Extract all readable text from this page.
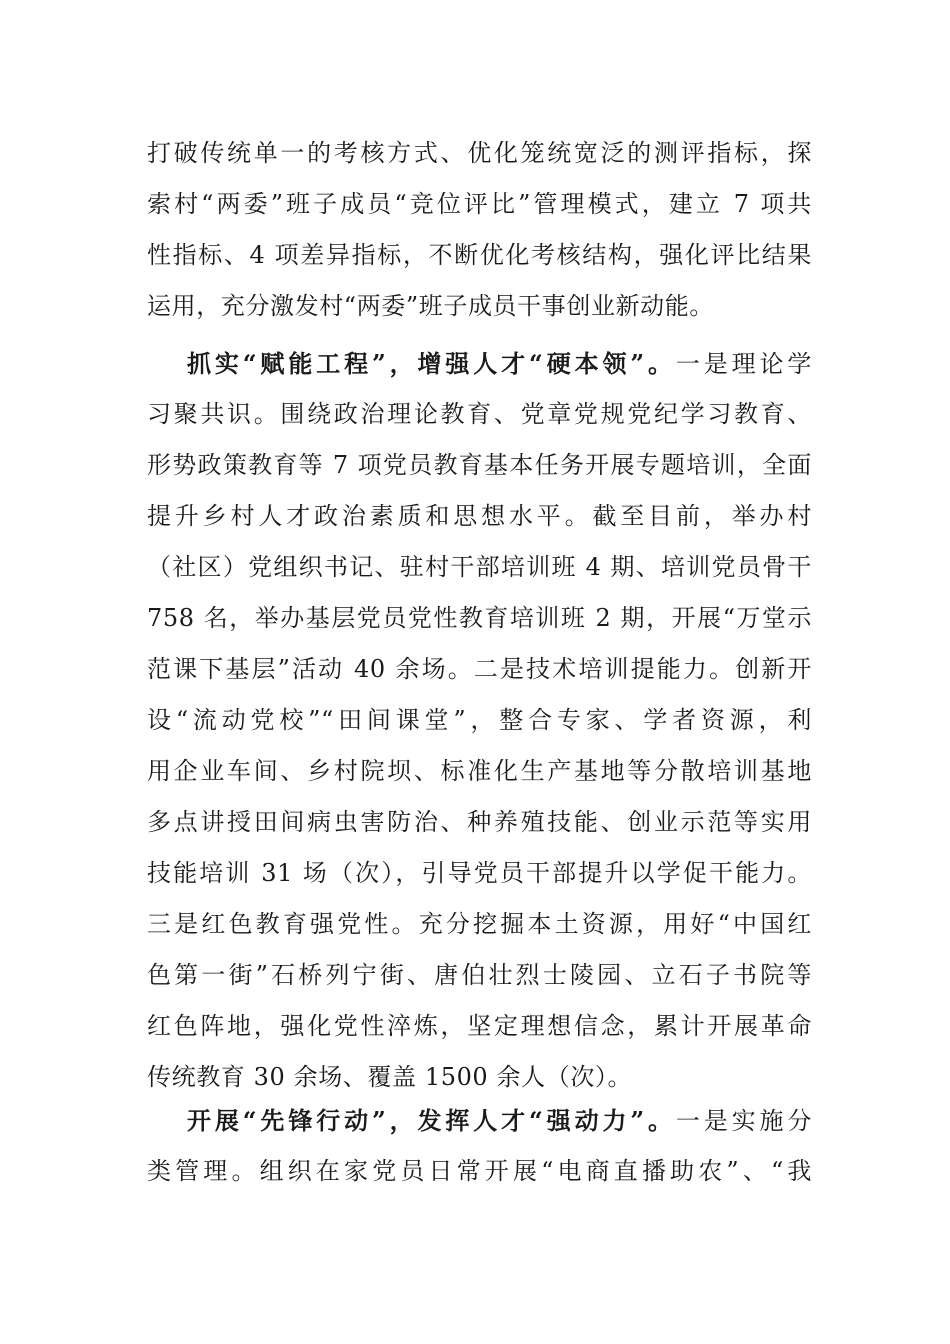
打破传统单一的考核方式、优化笼统宽泛的测评指标，探
索村“两委”班子成员“竞位评比”管理模式，建立 7 项共
性指标、4 项差异指标，不断优化考核结构，强化评比结果
运用，充分激发村“两委”班子成员干事创业新动能。
抓实“赋能工程”，增强人才“硬本领”。一是理论学
习聚共识。围绕政治理论教育、党章党规党纪学习教育、
形势政策教育等 7 项党员教育基本任务开展专题培训，全面
提升乡村人才政治素质和思想水平。截至目前，举办村
（社区）党组织书记、驻村干部培训班 4 期、培训党员骨干
758 名，举办基层党员党性教育培训班 2 期，开展“万堂示
范课下基层”活动 40 余场。二是技术培训提能力。创新开
设“流动党校”“田间课堂”，整合专家、学者资源，利
用企业车间、乡村院坝、标准化生产基地等分散培训基地
多点讲授田间病虫害防治、种养殖技能、创业示范等实用
技能培训 31 场（次），引导党员干部提升以学促干能力。
三是红色教育强党性。充分挖掘本土资源，用好“中国红
色第一街”石桥列宁街、唐伯壮烈士陵园、立石子书院等
红色阵地，强化党性淬炼，坚定理想信念，累计开展革命
传统教育 30 余场、覆盖 1500 余人（次）。
开展“先锋行动”，发挥人才“强动力”。一是实施分
类管理。组织在家党员日常开展“电商直播助农”、“我
